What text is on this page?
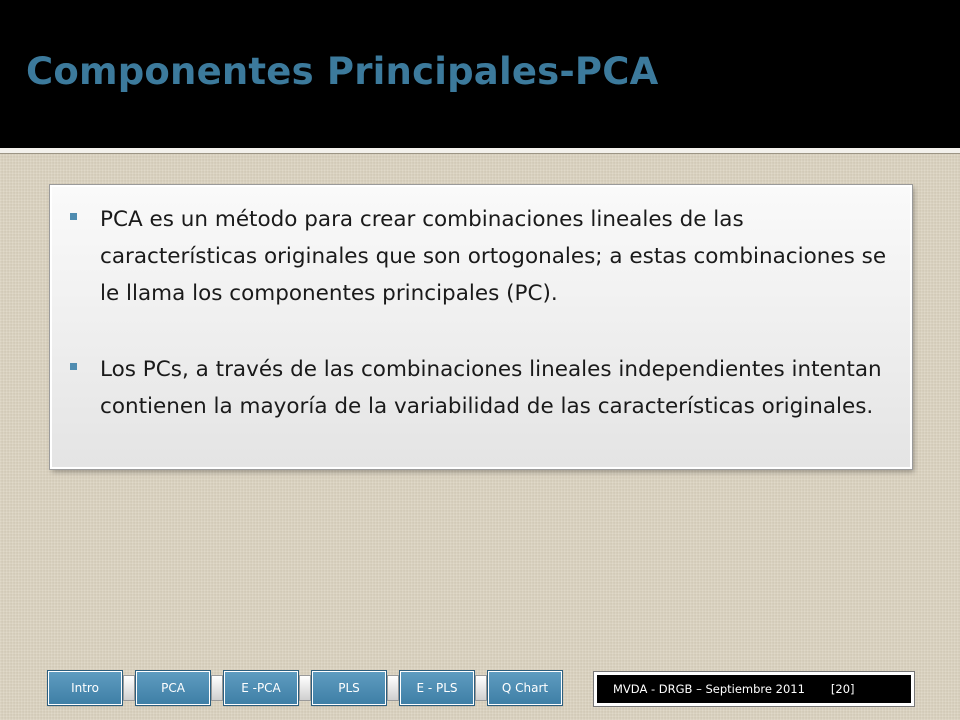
Componentes Principales-PCA

PCA es un método para crear combinaciones lineales de las características originales que son ortogonales; a estas combinaciones se le llama los componentes principales (PC).

Los PCs, a través de las combinaciones lineales independientes intentan contienen la mayoría de la variabilidad de las características originales.

Intro	PCA	E -PCA	PLS	E - PLS	Q Chart	MVDA - DRGB – Septiembre 2011 [20]
